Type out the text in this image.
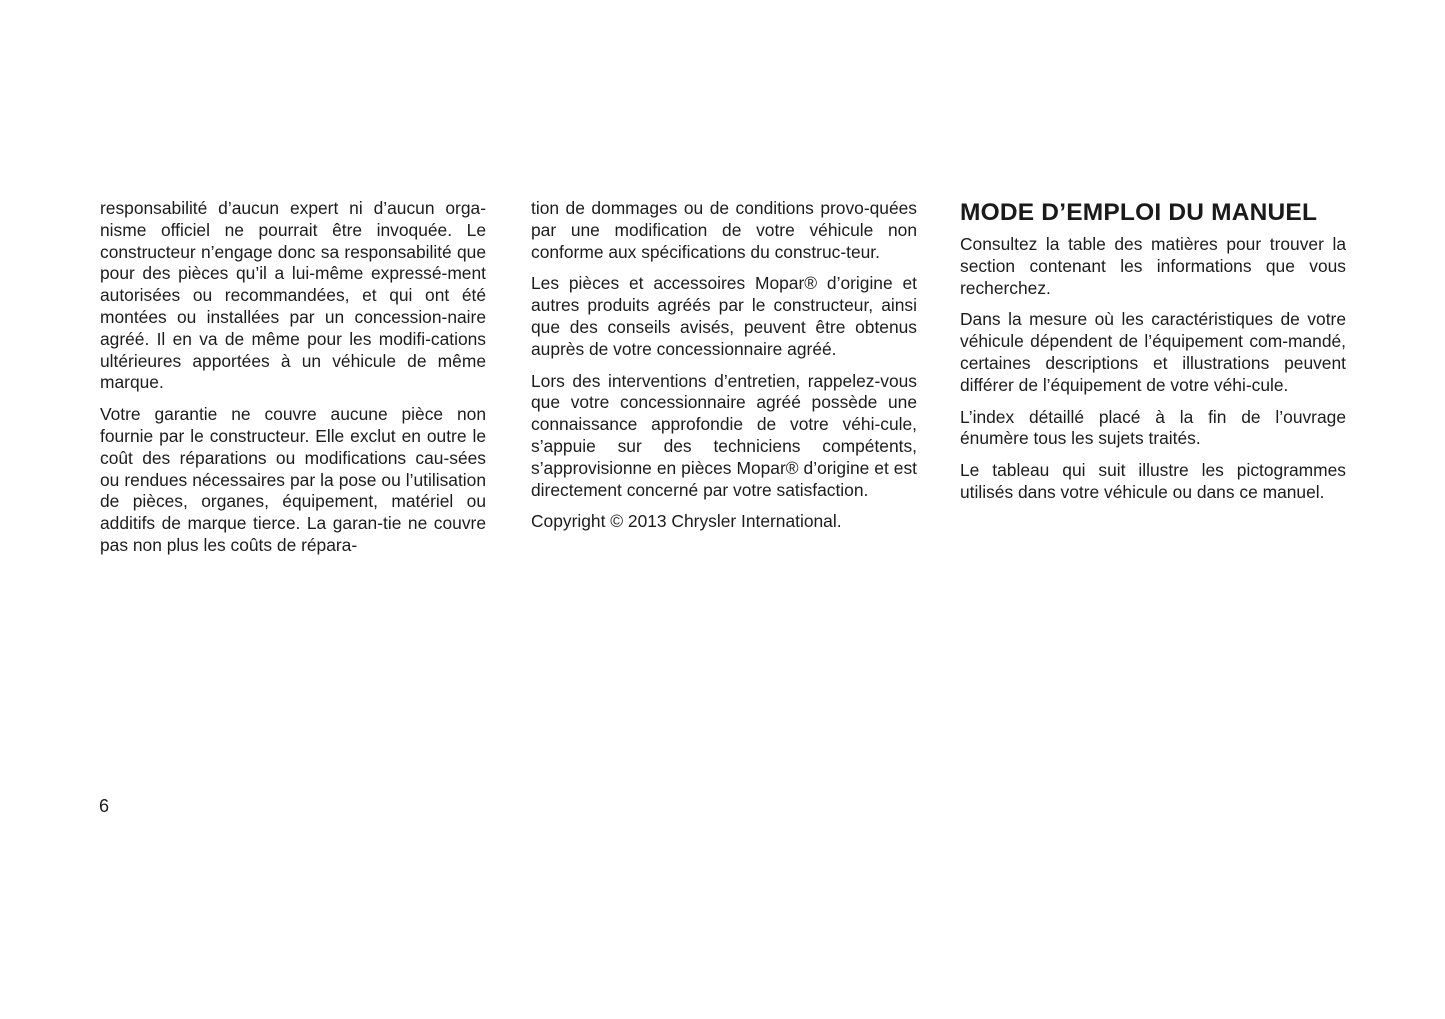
responsabilité d’aucun expert ni d’aucun orga-nisme officiel ne pourrait être invoquée. Le constructeur n’engage donc sa responsabilité que pour des pièces qu’il a lui-même expressé-ment autorisées ou recommandées, et qui ont été montées ou installées par un concession-naire agréé. Il en va de même pour les modifi-cations ultérieures apportées à un véhicule de même marque.

Votre garantie ne couvre aucune pièce non fournie par le constructeur. Elle exclut en outre le coût des réparations ou modifications cau-sées ou rendues nécessaires par la pose ou l’utilisation de pièces, organes, équipement, matériel ou additifs de marque tierce. La garan-tie ne couvre pas non plus les coûts de répara-

tion de dommages ou de conditions provo-quées par une modification de votre véhicule non conforme aux spécifications du construc-teur.

Les pièces et accessoires Mopar® d’origine et autres produits agréés par le constructeur, ainsi que des conseils avisés, peuvent être obtenus auprès de votre concessionnaire agréé.

Lors des interventions d’entretien, rappelez-vous que votre concessionnaire agréé possède une connaissance approfondie de votre véhi-cule, s’appuie sur des techniciens compétents, s’approvisionne en pièces Mopar® d’origine et est directement concerné par votre satisfaction.

Copyright © 2013 Chrysler International.

MODE D’EMPLOI DU MANUEL

Consultez la table des matières pour trouver la section contenant les informations que vous recherchez.

Dans la mesure où les caractéristiques de votre véhicule dépendent de l’équipement com-mandé, certaines descriptions et illustrations peuvent différer de l’équipement de votre véhi-cule.

L’index détaillé placé à la fin de l’ouvrage énumère tous les sujets traités.

Le tableau qui suit illustre les pictogrammes utilisés dans votre véhicule ou dans ce manuel.

6
